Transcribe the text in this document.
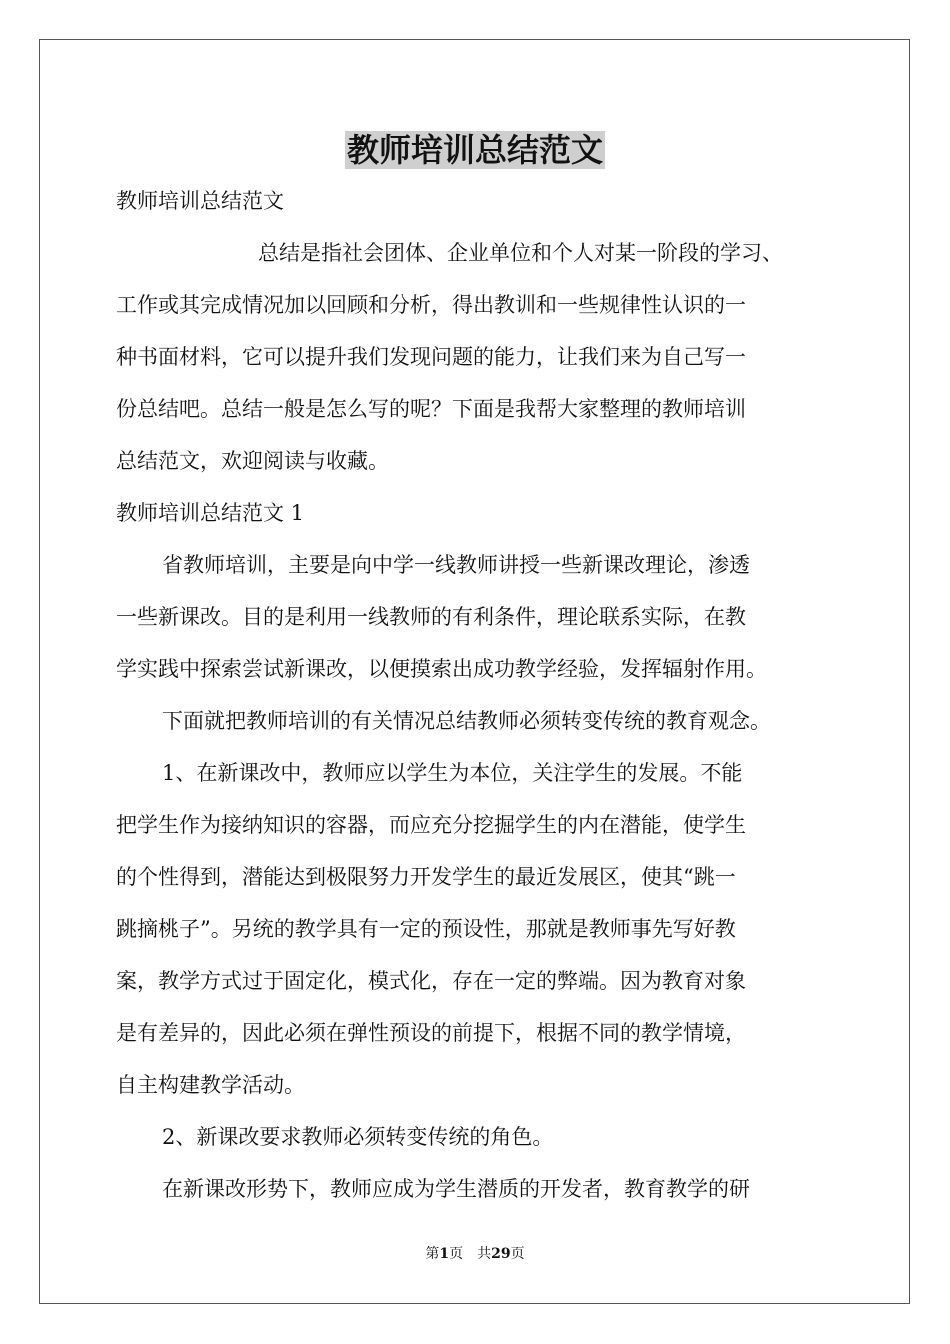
教师培训总结范文

教师培训总结范文

总结是指社会团体、企业单位和个人对某一阶段的学习、

工作或其完成情况加以回顾和分析，得出教训和一些规律性认识的一

种书面材料，它可以提升我们发现问题的能力，让我们来为自己写一

份总结吧。总结一般是怎么写的呢？下面是我帮大家整理的教师培训

总结范文，欢迎阅读与收藏。

教师培训总结范文 1

省教师培训，主要是向中学一线教师讲授一些新课改理论，渗透

一些新课改。目的是利用一线教师的有利条件，理论联系实际，在教

学实践中探索尝试新课改，以便摸索出成功教学经验，发挥辐射作用。

下面就把教师培训的有关情况总结教师必须转变传统的教育观念。

1、在新课改中，教师应以学生为本位，关注学生的发展。不能

把学生作为接纳知识的容器，而应充分挖掘学生的内在潜能，使学生

的个性得到，潜能达到极限努力开发学生的最近发展区，使其“跳一

跳摘桃子”。另统的教学具有一定的预设性，那就是教师事先写好教

案，教学方式过于固定化，模式化，存在一定的弊端。因为教育对象

是有差异的，因此必须在弹性预设的前提下，根据不同的教学情境，

自主构建教学活动。

2、新课改要求教师必须转变传统的角色。

在新课改形势下，教师应成为学生潜质的开发者，教育教学的研

第1页　共29页
